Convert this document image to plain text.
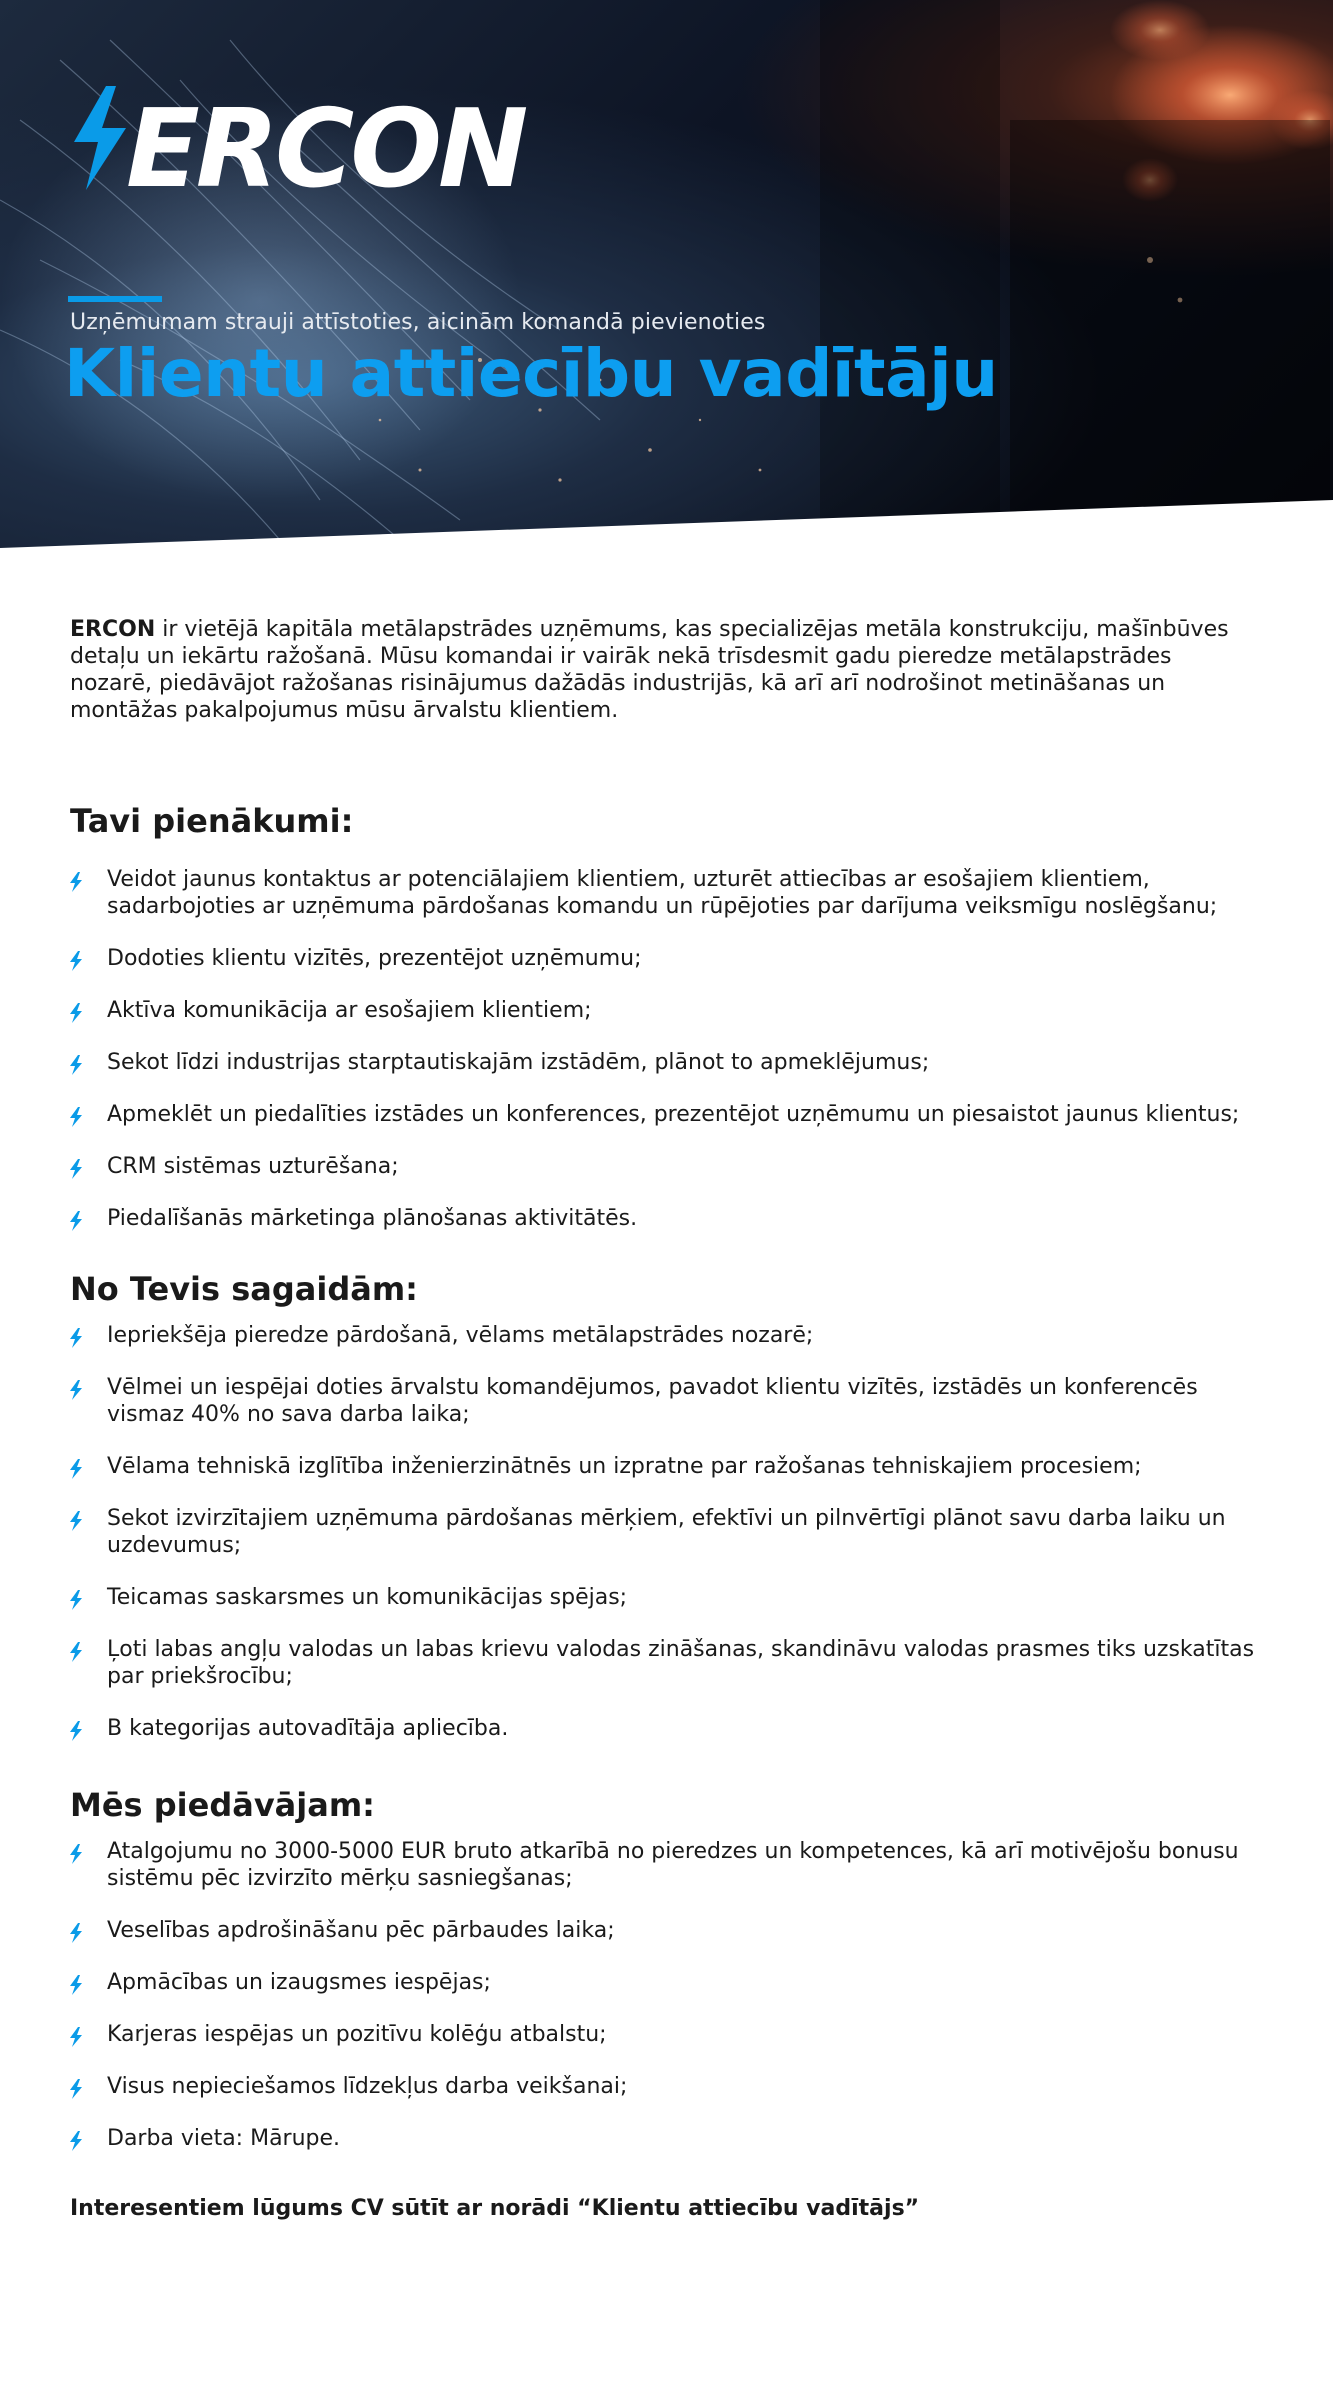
ERCON

Uzņēmumam strauji attīstoties, aicinām komandā pievienoties

Klientu attiecību vadītāju

ERCON ir vietējā kapitāla metālapstrādes uzņēmums, kas specializējas metāla konstrukciju, mašīnbūves detaļu un iekārtu ražošanā. Mūsu komandai ir vairāk nekā trīsdesmit gadu pieredze metālapstrādes nozarē, piedāvājot ražošanas risinājumus dažādās industrijās, kā arī arī nodrošinot metināšanas un montāžas pakalpojumus mūsu ārvalstu klientiem.

Tavi pienākumi:
Veidot jaunus kontaktus ar potenciālajiem klientiem, uzturēt attiecības ar esošajiem klientiem, sadarbojoties ar uzņēmuma pārdošanas komandu un rūpējoties par darījuma veiksmīgu noslēgšanu;
Dodoties klientu vizītēs, prezentējot uzņēmumu;
Aktīva komunikācija ar esošajiem klientiem;
Sekot līdzi industrijas starptautiskajām izstādēm, plānot to apmeklējumus;
Apmeklēt un piedalīties izstādes un konferences, prezentējot uzņēmumu un piesaistot jaunus klientus;
CRM sistēmas uzturēšana;
Piedalīšanās mārketinga plānošanas aktivitātēs.
No Tevis sagaidām:
Iepriekšēja pieredze pārdošanā, vēlams metālapstrādes nozarē;
Vēlmei un iespējai doties ārvalstu komandējumos, pavadot klientu vizītēs, izstādēs un konferencēs vismaz 40% no sava darba laika;
Vēlama tehniskā izglītība inženierzinātnēs un izpratne par ražošanas tehniskajiem procesiem;
Sekot izvirzītajiem uzņēmuma pārdošanas mērķiem, efektīvi un pilnvērtīgi plānot savu darba laiku un uzdevumus;
Teicamas saskarsmes un komunikācijas spējas;
Ļoti labas angļu valodas un labas krievu valodas zināšanas, skandināvu valodas prasmes tiks uzskatītas par priekšrocību;
B kategorijas autovadītāja apliecība.
Mēs piedāvājam:
Atalgojumu no 3000-5000 EUR bruto atkarībā no pieredzes un kompetences, kā arī motivējošu bonusu sistēmu pēc izvirzīto mērķu sasniegšanas;
Veselības apdrošināšanu pēc pārbaudes laika;
Apmācības un izaugsmes iespējas;
Karjeras iespējas un pozitīvu kolēģu atbalstu;
Visus nepieciešamos līdzekļus darba veikšanai;
Darba vieta: Mārupe.

Interesentiem lūgums CV sūtīt ar norādi “Klientu attiecību vadītājs”
